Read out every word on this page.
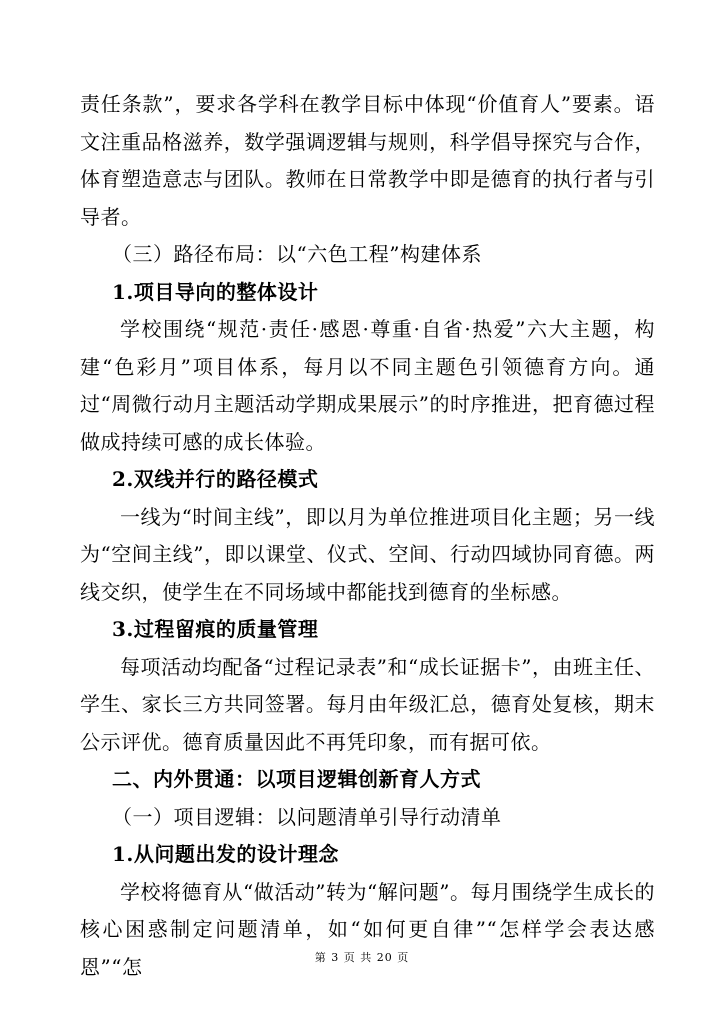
责任条款”，要求各学科在教学目标中体现“价值育人”要素。语文注重品格滋养，数学强调逻辑与规则，科学倡导探究与合作，体育塑造意志与团队。教师在日常教学中即是德育的执行者与引导者。

（三）路径布局：以“六色工程”构建体系

1.项目导向的整体设计

学校围绕“规范·责任·感恩·尊重·自省·热爱”六大主题，构建“色彩月”项目体系，每月以不同主题色引领德育方向。通过“周微行动月主题活动学期成果展示”的时序推进，把育德过程做成持续可感的成长体验。

2.双线并行的路径模式

一线为“时间主线”，即以月为单位推进项目化主题；另一线为“空间主线”，即以课堂、仪式、空间、行动四域协同育德。两线交织，使学生在不同场域中都能找到德育的坐标感。

3.过程留痕的质量管理

每项活动均配备“过程记录表”和“成长证据卡”，由班主任、学生、家长三方共同签署。每月由年级汇总，德育处复核，期末公示评优。德育质量因此不再凭印象，而有据可依。

二、内外贯通：以项目逻辑创新育人方式

（一）项目逻辑：以问题清单引导行动清单

1.从问题出发的设计理念

学校将德育从“做活动”转为“解问题”。每月围绕学生成长的核心困惑制定问题清单，如“如何更自律”“怎样学会表达感恩”“怎	第 3 页 共 20 页
